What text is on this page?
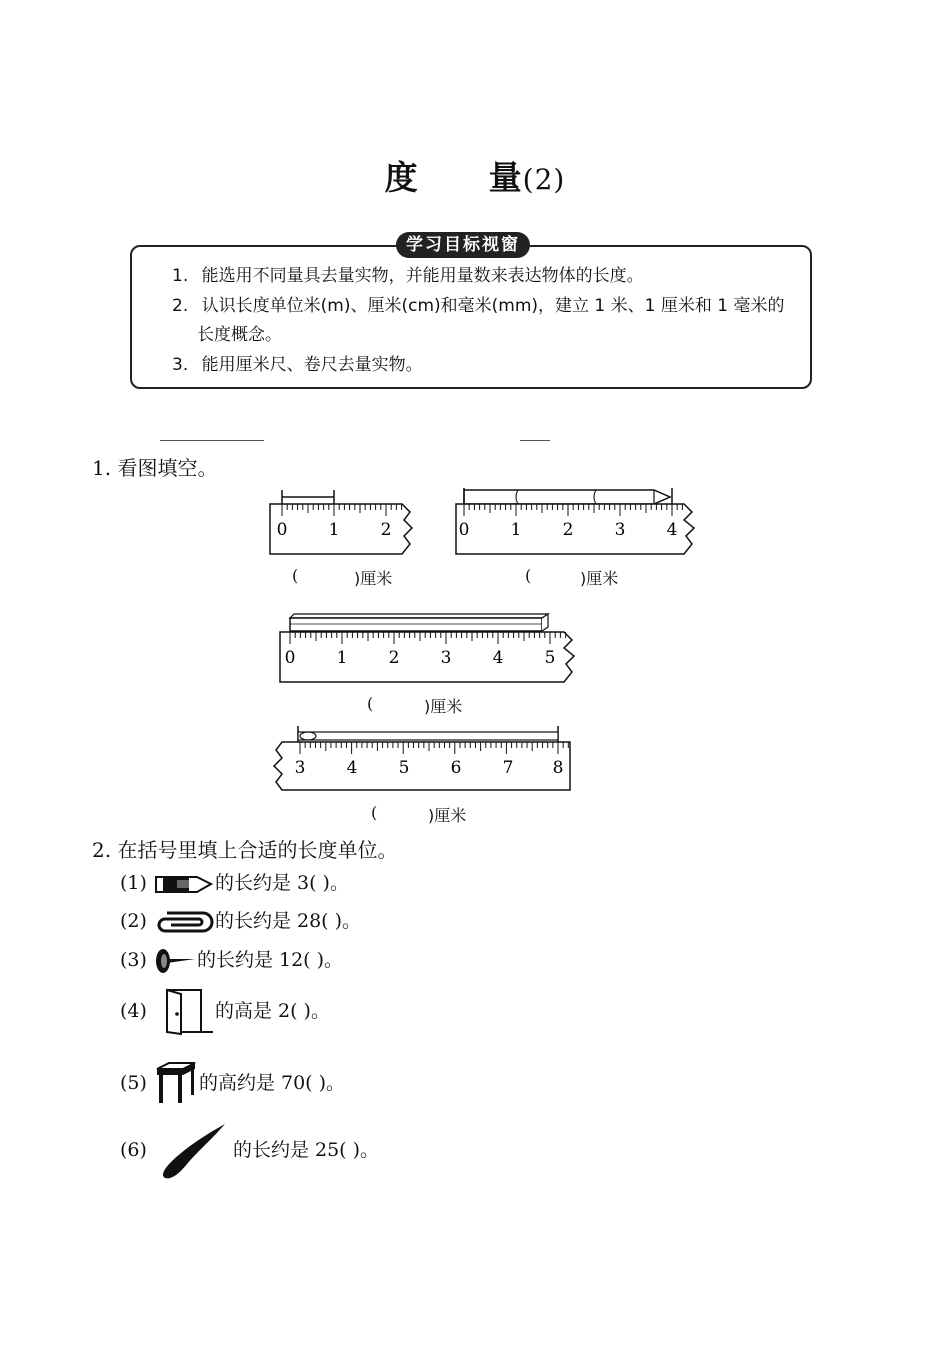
度 量(2)
学习目标视窗
1. 能选用不同量具去量实物，并能用量数来表达物体的长度。
2. 认识长度单位米(m)、厘米(cm)和毫米(mm)，建立 1 米、1 厘米和 1 毫米的
长度概念。
3. 能用厘米尺、卷尺去量实物。
1. 看图填空。
0 1 2
(	)厘米
0 1 2 3 4
(	)厘米
0 1 2 3 4 5
(	)厘米
3 4 5 6 7 8
(	)厘米
2. 在括号里填上合适的长度单位。
(1)	的长约是 3( )。
(2)	的长约是 28( )。
(3)	的长约是 12( )。
(4)	的高是 2( )。
(5)	的高约是 70( )。
(6)	的长约是 25( )。
